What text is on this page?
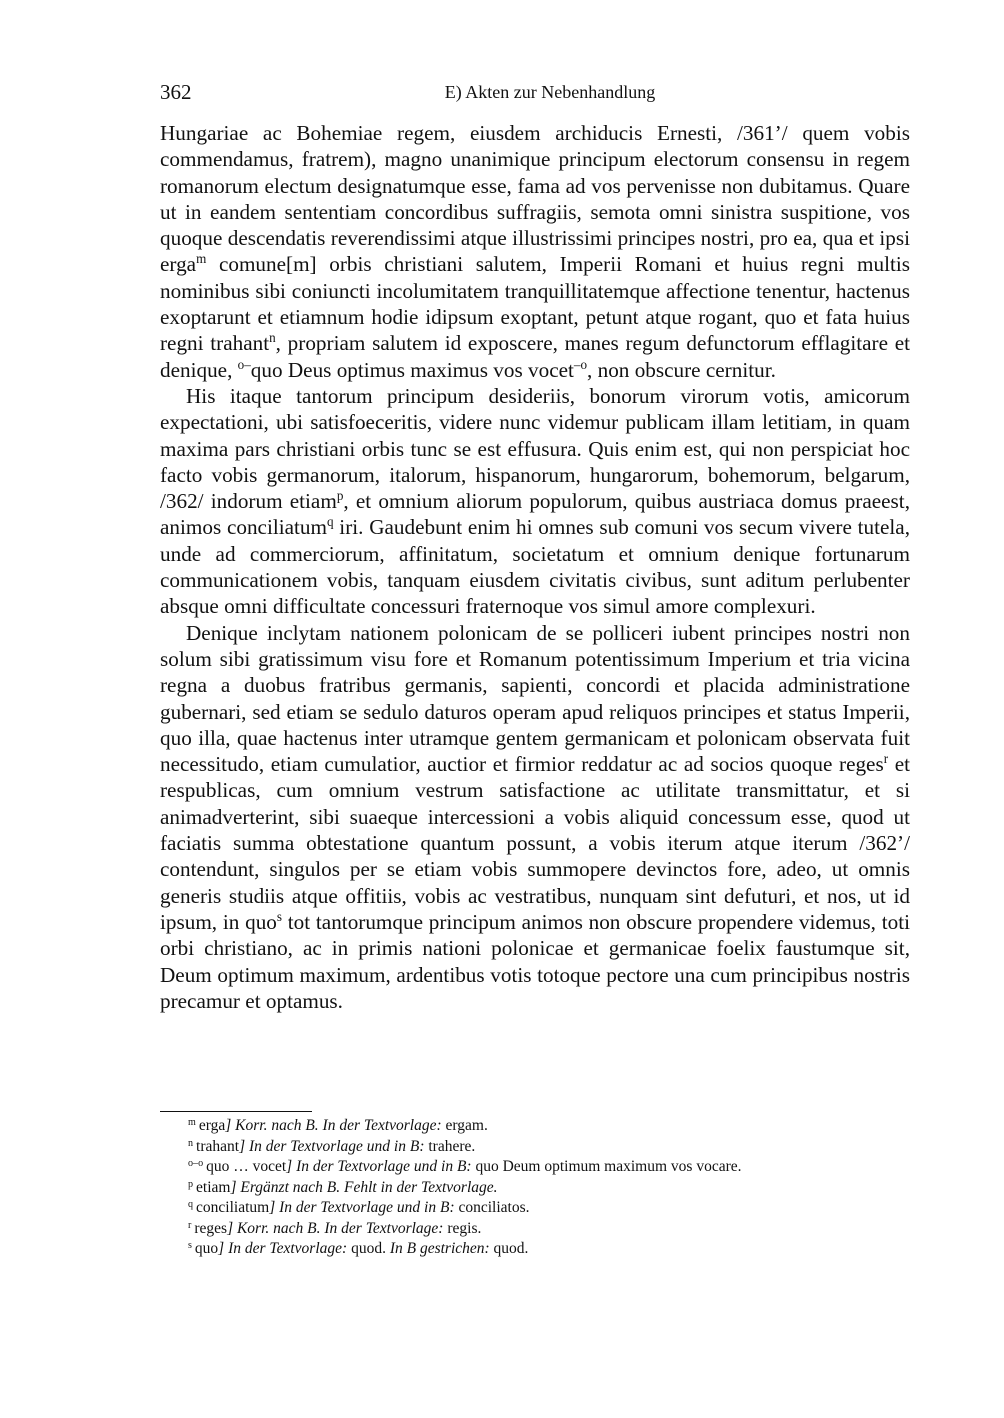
362	E) Akten zur Nebenhandlung

Hungariae ac Bohemiae regem, eiusdem archiducis Ernesti, /361’/ quem vobis commendamus, fratrem), magno unanimique principum electorum consensu in regem romanorum electum designatumque esse, fama ad vos pervenisse non dubitamus. Quare ut in eandem sententiam concordibus suffragiis, semota omni sinistra suspitione, vos quoque descendatis reverendissimi atque illustrissimi principes nostri, pro ea, qua et ipsi erga$^m$ comune[m] orbis christiani salutem, Imperii Romani et huius regni multis nominibus sibi coniuncti incolumitatem tranquillitatemque affectione tenentur, hactenus exoptarunt et etiamnum hodie idipsum exoptant, petunt atque rogant, quo et fata huius regni trahant$^n$, propriam salutem id exposcere, manes regum defunctorum efflagitare et denique, $^{o-}$quo Deus optimus maximus vos vocet$^{-o}$, non obscure cernitur.

His itaque tantorum principum desideriis, bonorum virorum votis, amicorum expectationi, ubi satisfoeceritis, videre nunc videmur publicam illam letitiam, in quam maxima pars christiani orbis tunc se est effusura. Quis enim est, qui non perspiciat hoc facto vobis germanorum, italorum, hispanorum, hungarorum, bohemorum, belgarum, /362/ indorum etiam$^p$, et omnium aliorum populorum, quibus austriaca domus praeest, animos conciliatum$^q$ iri. Gaudebunt enim hi omnes sub comuni vos secum vivere tutela, unde ad commerciorum, affinitatum, societatum et omnium denique fortunarum communicationem vobis, tanquam eiusdem civitatis civibus, sunt aditum perlubenter absque omni difficultate concessuri fraternoque vos simul amore complexuri.

Denique inclytam nationem polonicam de se polliceri iubent principes nostri non solum sibi gratissimum visu fore et Romanum potentissimum Imperium et tria vicina regna a duobus fratribus germanis, sapienti, concordi et placida administratione gubernari, sed etiam se sedulo daturos operam apud reliquos principes et status Imperii, quo illa, quae hactenus inter utramque gentem germanicam et polonicam observata fuit necessitudo, etiam cumulatior, auctior et firmior reddatur ac ad socios quoque reges$^r$ et respublicas, cum omnium vestrum satisfactione ac utilitate transmittatur, et si animadverterint, sibi suaeque intercessioni a vobis aliquid concessum esse, quod ut faciatis summa obtestatione quantum possunt, a vobis iterum atque iterum /362’/ contendunt, singulos per se etiam vobis summopere devinctos fore, adeo, ut omnis generis studiis atque offitiis, vobis ac vestratibus, nunquam sint defuturi, et nos, ut id ipsum, in quo$^s$ tot tantorumque principum animos non obscure propendere videmus, toti orbi christiano, ac in primis nationi polonicae et germanicae foelix faustumque sit, Deum optimum maximum, ardentibus votis totoque pectore una cum principibus nostris precamur et optamus.

$^m$ erga] Korr. nach B. In der Textvorlage: ergam.
$^n$ trahant] In der Textvorlage und in B: trahere.
$^{o-o}$ quo … vocet] In der Textvorlage und in B: quo Deum optimum maximum vos vocare.
$^p$ etiam] Ergänzt nach B. Fehlt in der Textvorlage.
$^q$ conciliatum] In der Textvorlage und in B: conciliatos.
$^r$ reges] Korr. nach B. In der Textvorlage: regis.
$^s$ quo] In der Textvorlage: quod. In B gestrichen: quod.
